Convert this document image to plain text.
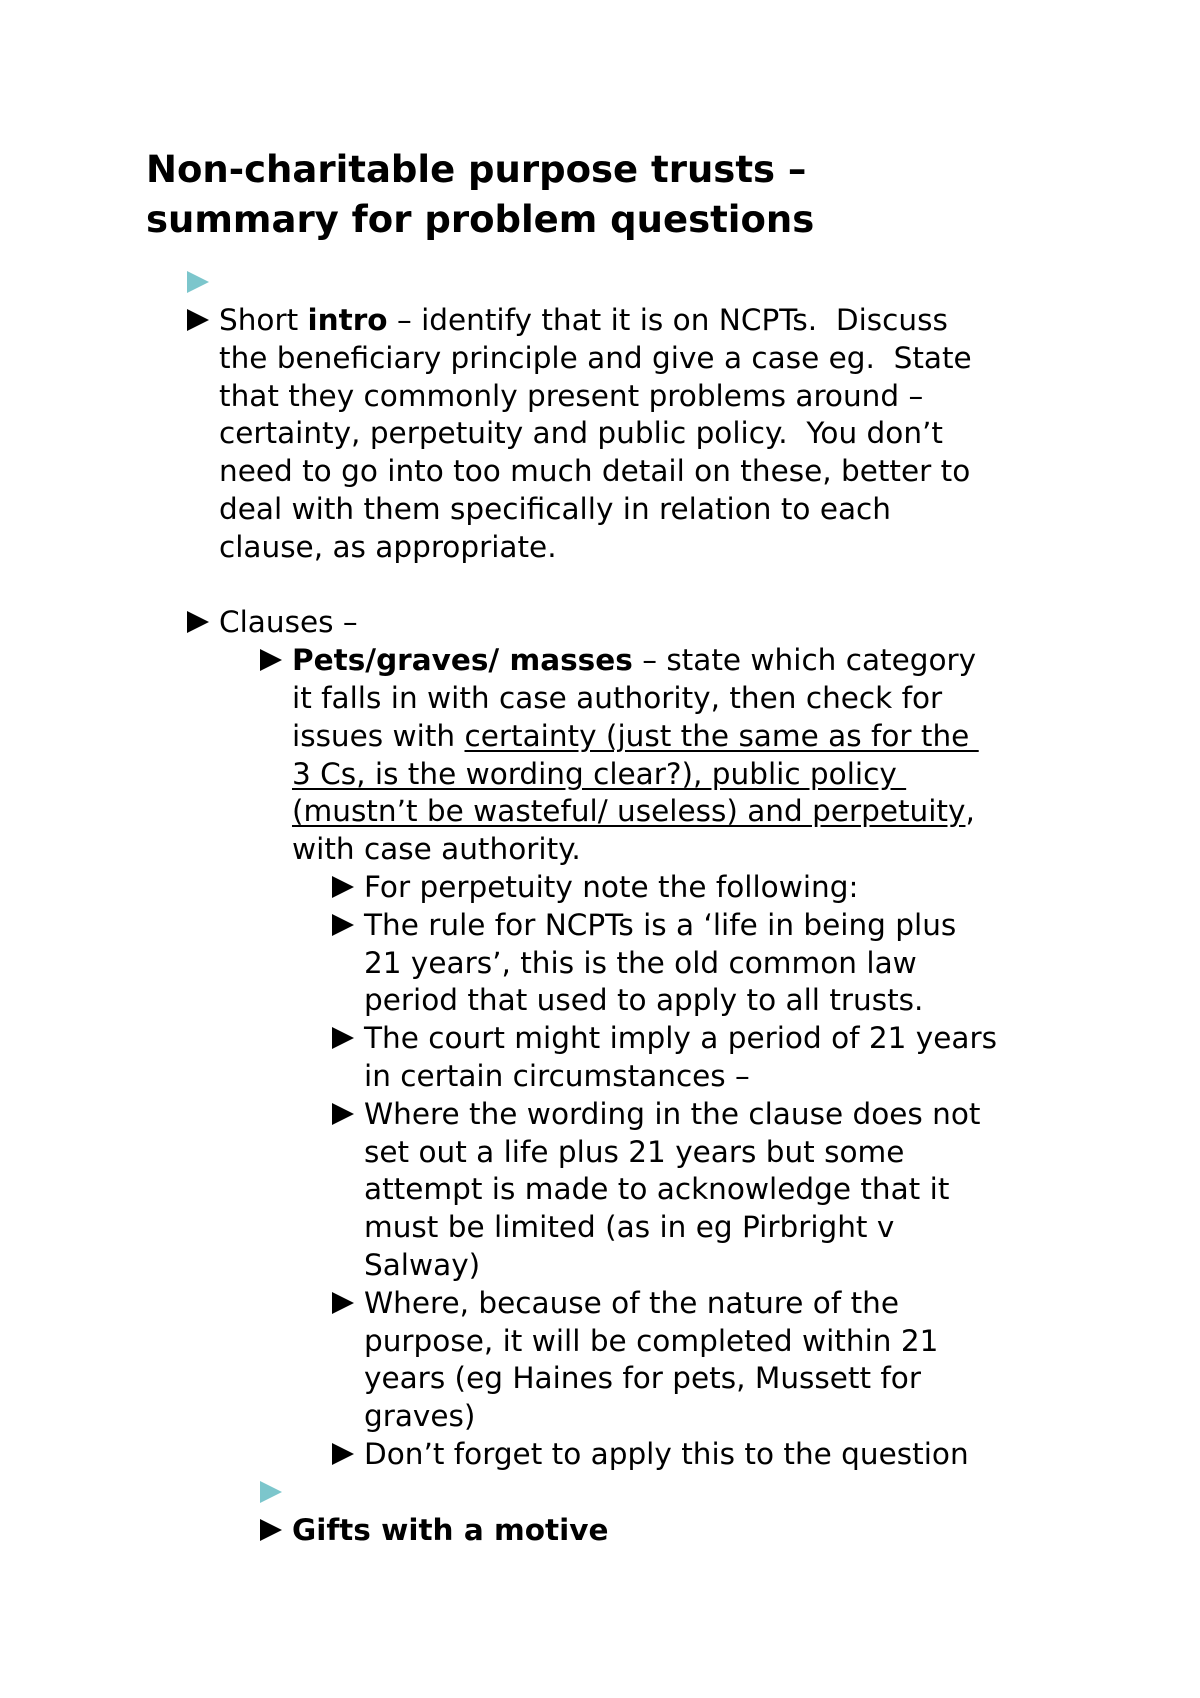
Non-charitable purpose trusts –
summary for problem questions
Short intro – identify that it is on NCPTs.  Discuss
the beneficiary principle and give a case eg.  State
that they commonly present problems around –
certainty, perpetuity and public policy.  You don’t
need to go into too much detail on these, better to
deal with them specifically in relation to each
clause, as appropriate.
Clauses –
Pets/graves/ masses – state which category
it falls in with case authority, then check for
issues with certainty (just the same as for the
3 Cs, is the wording clear?), public policy
(mustn’t be wasteful/ useless) and perpetuity,
with case authority.
For perpetuity note the following:
The rule for NCPTs is a ‘life in being plus
21 years’, this is the old common law
period that used to apply to all trusts.
The court might imply a period of 21 years
in certain circumstances –
Where the wording in the clause does not
set out a life plus 21 years but some
attempt is made to acknowledge that it
must be limited (as in eg Pirbright v
Salway)
Where, because of the nature of the
purpose, it will be completed within 21
years (eg Haines for pets, Mussett for
graves)
Don’t forget to apply this to the question
Gifts with a motive
